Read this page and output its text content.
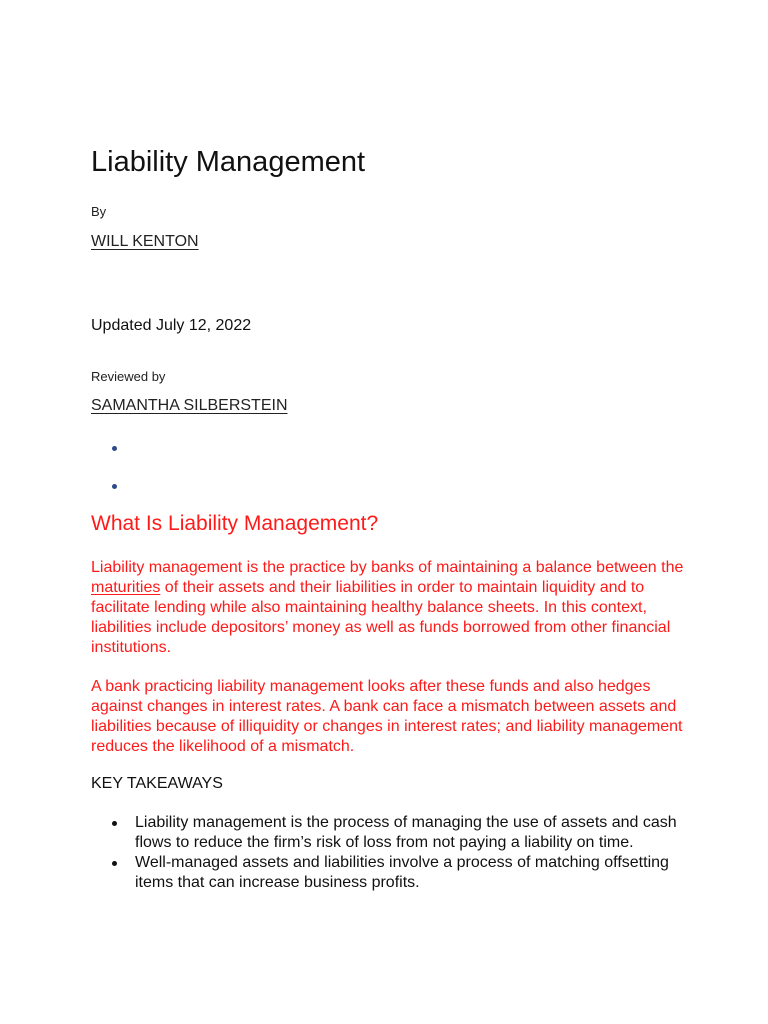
Liability Management
By
WILL KENTON
Updated July 12, 2022
Reviewed by
SAMANTHA SILBERSTEIN
What Is Liability Management?

Liability management is the practice by banks of maintaining a balance between the maturities of their assets and their liabilities in order to maintain liquidity and to facilitate lending while also maintaining healthy balance sheets. In this context, liabilities include depositors’ money as well as funds borrowed from other financial institutions.

A bank practicing liability management looks after these funds and also hedges against changes in interest rates. A bank can face a mismatch between assets and liabilities because of illiquidity or changes in interest rates; and liability management reduces the likelihood of a mismatch.

KEY TAKEAWAYS
Liability management is the process of managing the use of assets and cash flows to reduce the firm’s risk of loss from not paying a liability on time.
Well-managed assets and liabilities involve a process of matching offsetting items that can increase business profits.
